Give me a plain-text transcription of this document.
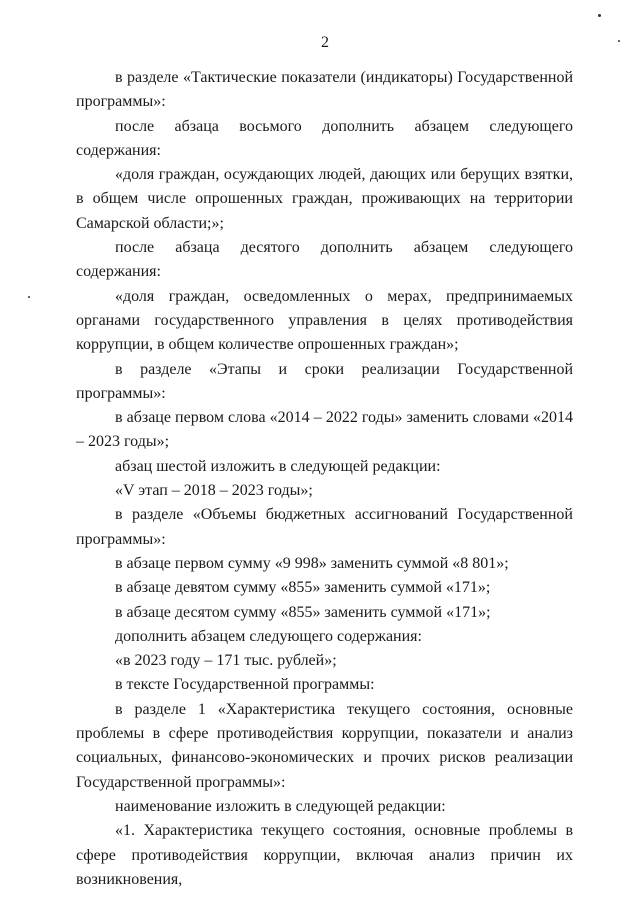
2

в разделе «Тактические показатели (индикаторы) Государственной программы»:

после абзаца восьмого дополнить абзацем следующего содержания:

«доля граждан, осуждающих людей, дающих или берущих взятки, в общем числе опрошенных граждан, проживающих на территории Самарской области;»;

после абзаца десятого дополнить абзацем следующего содержания:

«доля граждан, осведомленных о мерах, предпринимаемых органами государственного управления в целях противодействия коррупции, в общем количестве опрошенных граждан»;

в разделе «Этапы и сроки реализации Государственной программы»:

в абзаце первом слова «2014 – 2022 годы» заменить словами «2014 – 2023 годы»;

абзац шестой изложить в следующей редакции:

«V этап – 2018 – 2023 годы»;

в разделе «Объемы бюджетных ассигнований Государственной программы»:

в абзаце первом сумму «9 998» заменить суммой «8 801»;

в абзаце девятом сумму «855» заменить суммой «171»;

в абзаце десятом сумму «855» заменить суммой «171»;

дополнить абзацем следующего содержания:

«в 2023 году – 171 тыс. рублей»;

в тексте Государственной программы:

в разделе 1 «Характеристика текущего состояния, основные проблемы в сфере противодействия коррупции, показатели и анализ социальных, финансово-экономических и прочих рисков реализации Государственной программы»:

наименование изложить в следующей редакции:

«1. Характеристика текущего состояния, основные проблемы в сфере противодействия коррупции, включая анализ причин их возникновения,
